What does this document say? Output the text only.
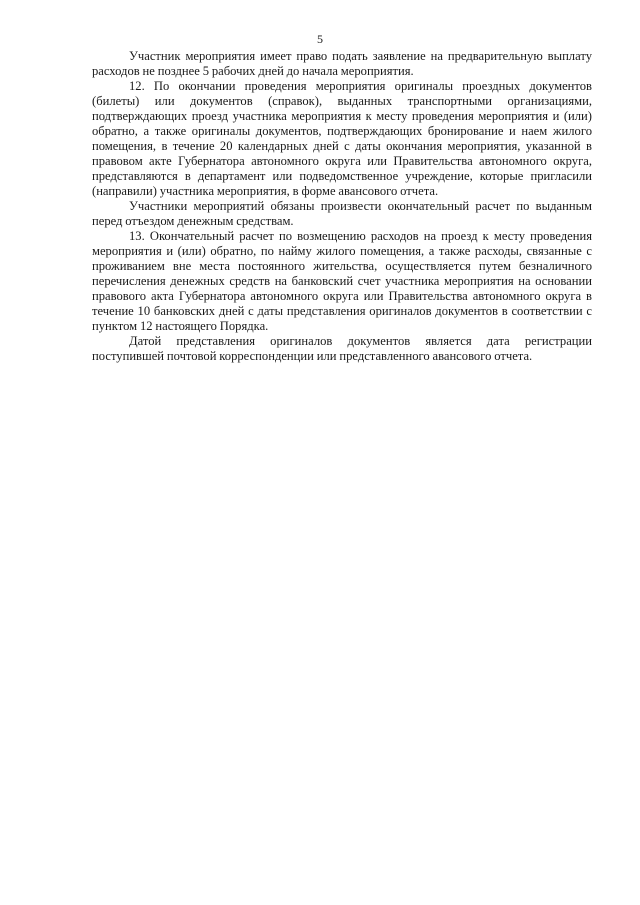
5

Участник мероприятия имеет право подать заявление на предварительную выплату расходов не позднее 5 рабочих дней до начала мероприятия.

12. По окончании проведения мероприятия оригиналы проездных документов (билеты) или документов (справок), выданных транспортными организациями, подтверждающих проезд участника мероприятия к месту проведения мероприятия и (или) обратно, а также оригиналы документов, подтверждающих бронирование и наем жилого помещения, в течение 20 календарных дней с даты окончания мероприятия, указанной в правовом акте Губернатора автономного округа или Правительства автономного округа, представляются в департамент или подведомственное учреждение, которые пригласили (направили) участника мероприятия, в форме авансового отчета.

Участники мероприятий обязаны произвести окончательный расчет по выданным перед отъездом денежным средствам.

13. Окончательный расчет по возмещению расходов на проезд к месту проведения мероприятия и (или) обратно, по найму жилого помещения, а также расходы, связанные с проживанием вне места постоянного жительства, осуществляется путем безналичного перечисления денежных средств на банковский счет участника мероприятия на основании правового акта Губернатора автономного округа или Правительства автономного округа в течение 10 банковских дней с даты представления оригиналов документов в соответствии с пунктом 12 настоящего Порядка.

Датой представления оригиналов документов является дата регистрации поступившей почтовой корреспонденции или представленного авансового отчета.
